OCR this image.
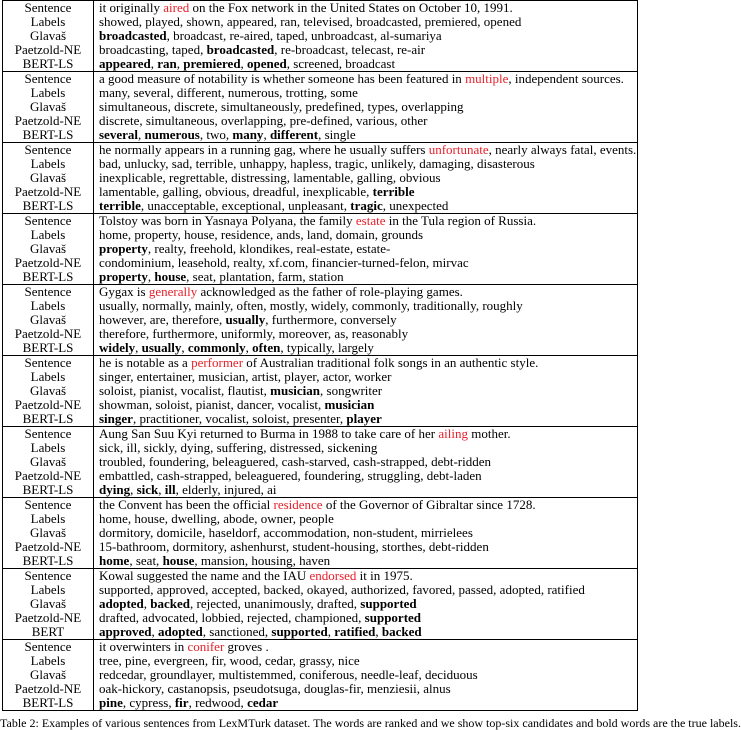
Sentence	it originally aired on the Fox network in the United States on October 10, 1991.
Labels	showed, played, shown, appeared, ran, televised, broadcasted, premiered, opened
Glavaš	broadcasted, broadcast, re-aired, taped, unbroadcast, al-sumariya
Paetzold-NE	broadcasting, taped, broadcasted, re-broadcast, telecast, re-air
BERT-LS	appeared, ran, premiered, opened, screened, broadcast
Sentence	a good measure of notability is whether someone has been featured in multiple, independent sources.
Labels	many, several, different, numerous, trotting, some
Glavaš	simultaneous, discrete, simultaneously, predefined, types, overlapping
Paetzold-NE	discrete, simultaneous, overlapping, pre-defined, various, other
BERT-LS	several, numerous, two, many, different, single
Sentence	he normally appears in a running gag, where he usually suffers unfortunate, nearly always fatal, events.
Labels	bad, unlucky, sad, terrible, unhappy, hapless, tragic, unlikely, damaging, disasterous
Glavaš	inexplicable, regrettable, distressing, lamentable, galling, obvious
Paetzold-NE	lamentable, galling, obvious, dreadful, inexplicable, terrible
BERT-LS	terrible, unacceptable, exceptional, unpleasant, tragic, unexpected
Sentence	Tolstoy was born in Yasnaya Polyana, the family estate in the Tula region of Russia.
Labels	home, property, house, residence, ands, land, domain, grounds
Glavaš	property, realty, freehold, klondikes, real-estate, estate-
Paetzold-NE	condominium, leasehold, realty, xf.com, financier-turned-felon, mirvac
BERT-LS	property, house, seat, plantation, farm, station
Sentence	Gygax is generally acknowledged as the father of role-playing games.
Labels	usually, normally, mainly, often, mostly, widely, commonly, traditionally, roughly
Glavaš	however, are, therefore, usually, furthermore, conversely
Paetzold-NE	therefore, furthermore, uniformly, moreover, as, reasonably
BERT-LS	widely, usually, commonly, often, typically, largely
Sentence	he is notable as a performer of Australian traditional folk songs in an authentic style.
Labels	singer, entertainer, musician, artist, player, actor, worker
Glavaš	soloist, pianist, vocalist, flautist, musician, songwriter
Paetzold-NE	showman, soloist, pianist, dancer, vocalist, musician
BERT-LS	singer, practitioner, vocalist, soloist, presenter, player
Sentence	Aung San Suu Kyi returned to Burma in 1988 to take care of her ailing mother.
Labels	sick, ill, sickly, dying, suffering, distressed, sickening
Glavaš	troubled, foundering, beleaguered, cash-starved, cash-strapped, debt-ridden
Paetzold-NE	embattled, cash-strapped, beleaguered, foundering, struggling, debt-laden
BERT-LS	dying, sick, ill, elderly, injured, ai
Sentence	the Convent has been the official residence of the Governor of Gibraltar since 1728.
Labels	home, house, dwelling, abode, owner, people
Glavaš	dormitory, domicile, haseldorf, accommodation, non-student, mirrielees
Paetzold-NE	15-bathroom, dormitory, ashenhurst, student-housing, storthes, debt-ridden
BERT-LS	home, seat, house, mansion, housing, haven
Sentence	Kowal suggested the name and the IAU endorsed it in 1975.
Labels	supported, approved, accepted, backed, okayed, authorized, favored, passed, adopted, ratified
Glavaš	adopted, backed, rejected, unanimously, drafted, supported
Paetzold-NE	drafted, advocated, lobbied, rejected, championed, supported
BERT	approved, adopted, sanctioned, supported, ratified, backed
Sentence	it overwinters in conifer groves .
Labels	tree, pine, evergreen, fir, wood, cedar, grassy, nice
Glavaš	redcedar, groundlayer, multistemmed, coniferous, needle-leaf, deciduous
Paetzold-NE	oak-hickory, castanopsis, pseudotsuga, douglas-fir, menziesii, alnus
BERT-LS	pine, cypress, fir, redwood, cedar
Table 2: Examples of various sentences from LexMTurk dataset. The words are ranked and we show top-six candidates and bold words are the true labels.
